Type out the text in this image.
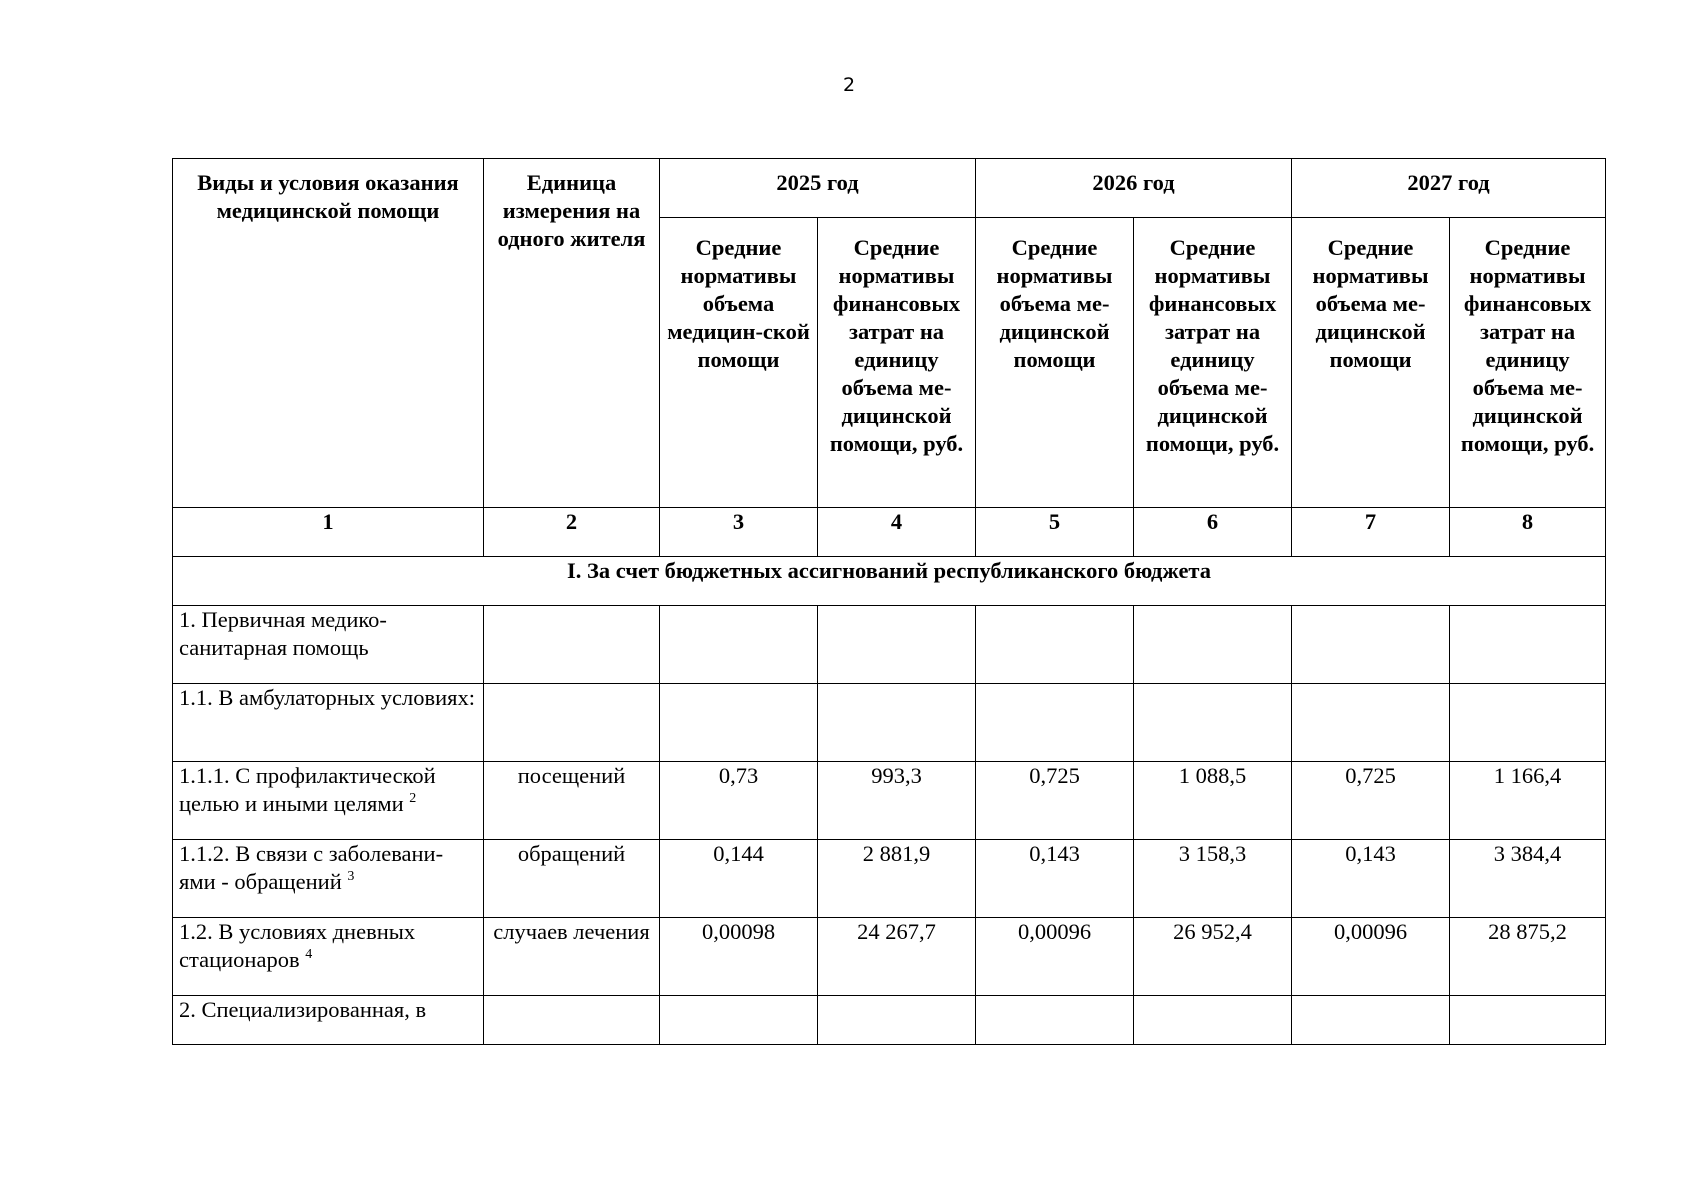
2
Виды и условия оказания медицинской помощи	Единица измерения на одного жителя	2025 год		2026 год		2027 год	
		Средние нормативы объема медицин-ской помощи	Средние нормативы финансовых затрат на единицу объема ме-дицинской помощи, руб.	Средние нормативы объема ме-дицинской помощи	Средние нормативы финансовых затрат на единицу объема ме-дицинской помощи, руб.	Средние нормативы объема ме-дицинской помощи	Средние нормативы финансовых затрат на единицу объема ме-дицинской помощи, руб.
1	2	3	4	5	6	7	8
I. За счет бюджетных ассигнований республиканского бюджета							
1. Первичная медико-санитарная помощь							
1.1. В амбулаторных условиях:							
1.1.1. С профилактической целью и иными целями $^2$	посещений	0,73	993,3	0,725	1 088,5	0,725	1 166,4
1.1.2. В связи с заболевани-ями - обращений $^3$	обращений	0,144	2 881,9	0,143	3 158,3	0,143	3 384,4
1.2. В условиях дневных стационаров $^4$	случаев лечения	0,00098	24 267,7	0,00096	26 952,4	0,00096	28 875,2
2. Специализированная, в							
